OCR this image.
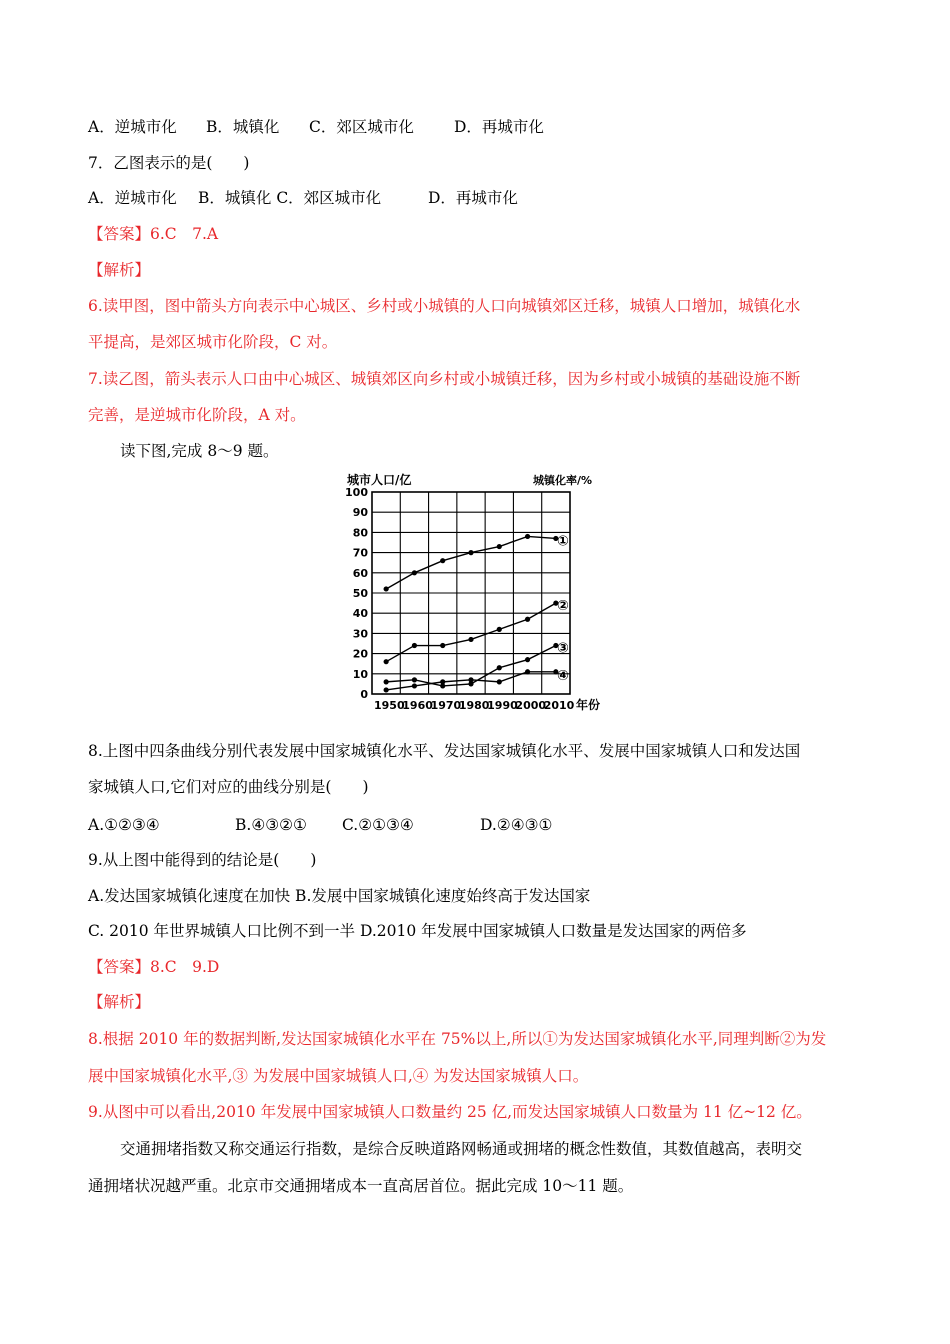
A．逆城市化 B．城镇化 C．郊区城市化	D．再城市化
7．乙图表示的是(　　)
A．逆城市化 B．城镇化 C．郊区城市化	D．再城市化
【答案】6.C　7.A
【解析】
6.读甲图，图中箭头方向表示中心城区、乡村或小城镇的人口向城镇郊区迁移，城镇人口增加，城镇化水
平提高，是郊区城市化阶段，C 对。
7.读乙图，箭头表示人口由中心城区、城镇郊区向乡村或小城镇迁移，因为乡村或小城镇的基础设施不断
完善，是逆城市化阶段，A 对。
读下图,完成 8～9 题。
城市人口/亿	城镇化率/%
年份
0
10
20
30
40
50
60
70
80
90
100
1950
1960
1970
1980
1990
2000
2010
①
②
③
④
8.上图中四条曲线分别代表发展中国家城镇化水平、发达国家城镇化水平、发展中国家城镇人口和发达国
家城镇人口,它们对应的曲线分别是(　　)
A.①②③④	B.④③②① C.②①③④	D.②④③①
9.从上图中能得到的结论是(　　)
A.发达国家城镇化速度在加快 B.发展中国家城镇化速度始终高于发达国家
C. 2010 年世界城镇人口比例不到一半 D.2010 年发展中国家城镇人口数量是发达国家的两倍多
【答案】8.C　9.D
【解析】
8.根据 2010 年的数据判断,发达国家城镇化水平在 75%以上,所以①为发达国家城镇化水平,同理判断②为发
展中国家城镇化水平,③ 为发展中国家城镇人口,④ 为发达国家城镇人口。
9.从图中可以看出,2010 年发展中国家城镇人口数量约 25 亿,而发达国家城镇人口数量为 11 亿~12 亿。
交通拥堵指数又称交通运行指数，是综合反映道路网畅通或拥堵的概念性数值，其数值越高，表明交
通拥堵状况越严重。北京市交通拥堵成本一直高居首位。据此完成 10～11 题。
